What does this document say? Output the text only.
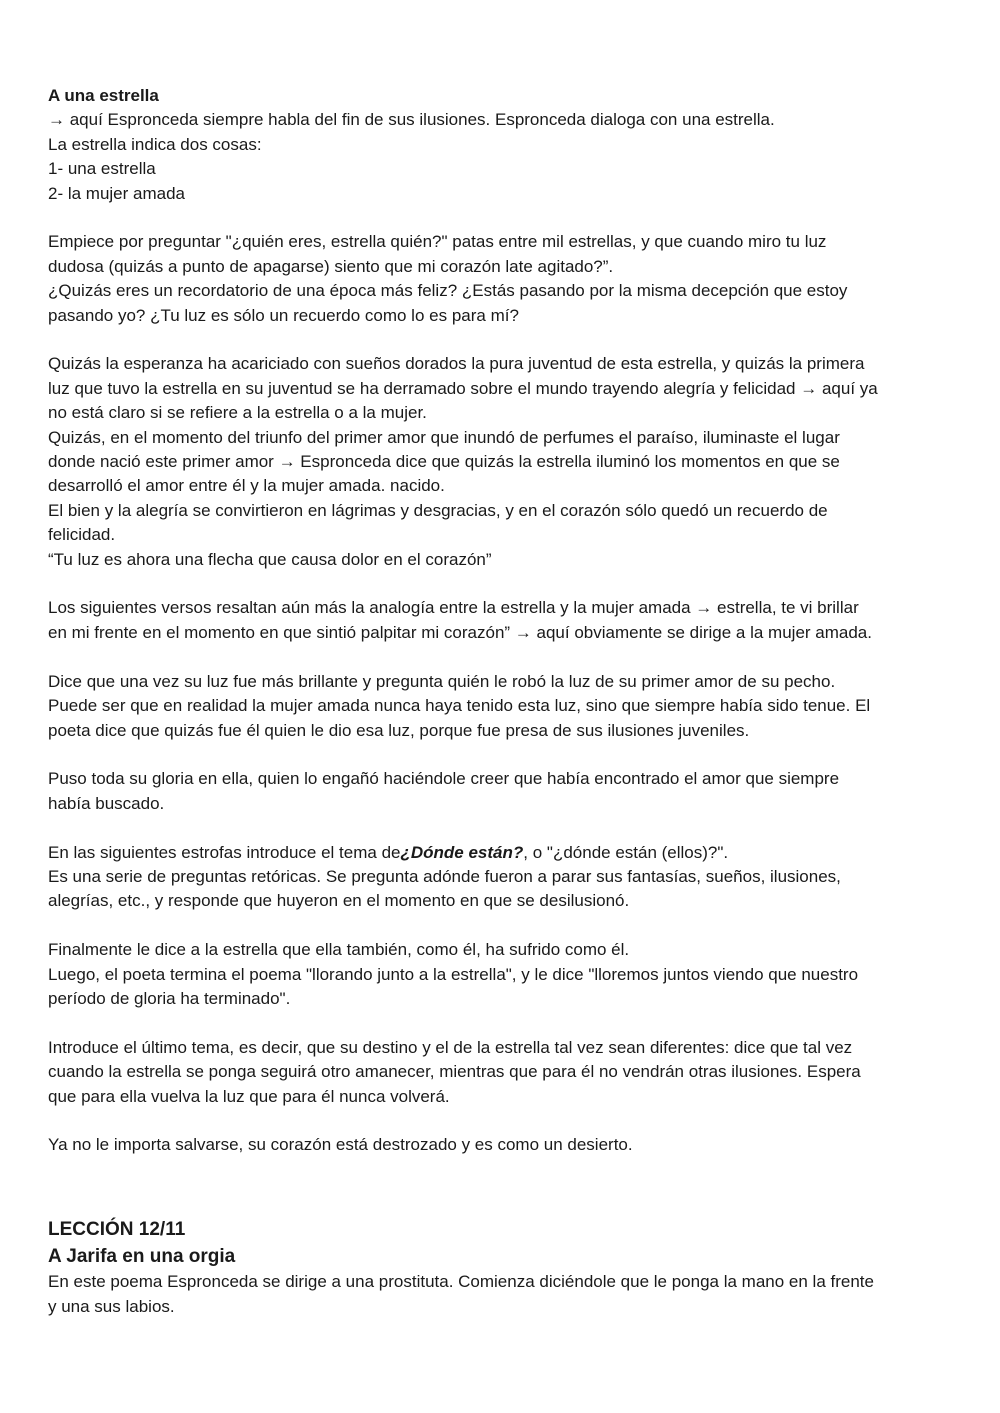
A una estrella
→ aquí Espronceda siempre habla del fin de sus ilusiones. Espronceda dialoga con una estrella.
La estrella indica dos cosas:
1- una estrella
2- la mujer amada
Empiece por preguntar "¿quién eres, estrella quién?" patas entre mil estrellas, y que cuando miro tu luz
dudosa (quizás a punto de apagarse) siento que mi corazón late agitado?”.
¿Quizás eres un recordatorio de una época más feliz? ¿Estás pasando por la misma decepción que estoy
pasando yo? ¿Tu luz es sólo un recuerdo como lo es para mí?
Quizás la esperanza ha acariciado con sueños dorados la pura juventud de esta estrella, y quizás la primera
luz que tuvo la estrella en su juventud se ha derramado sobre el mundo trayendo alegría y felicidad → aquí ya
no está claro si se refiere a la estrella o a la mujer.
Quizás, en el momento del triunfo del primer amor que inundó de perfumes el paraíso, iluminaste el lugar
donde nació este primer amor → Espronceda dice que quizás la estrella iluminó los momentos en que se
desarrolló el amor entre él y la mujer amada. nacido.
El bien y la alegría se convirtieron en lágrimas y desgracias, y en el corazón sólo quedó un recuerdo de
felicidad.
“Tu luz es ahora una flecha que causa dolor en el corazón”
Los siguientes versos resaltan aún más la analogía entre la estrella y la mujer amada → estrella, te vi brillar
en mi frente en el momento en que sintió palpitar mi corazón” → aquí obviamente se dirige a la mujer amada.
Dice que una vez su luz fue más brillante y pregunta quién le robó la luz de su primer amor de su pecho.
Puede ser que en realidad la mujer amada nunca haya tenido esta luz, sino que siempre había sido tenue. El
poeta dice que quizás fue él quien le dio esa luz, porque fue presa de sus ilusiones juveniles.
Puso toda su gloria en ella, quien lo engañó haciéndole creer que había encontrado el amor que siempre
había buscado.
En las siguientes estrofas introduce el tema de¿Dónde están?, o "¿dónde están (ellos)?".
Es una serie de preguntas retóricas. Se pregunta adónde fueron a parar sus fantasías, sueños, ilusiones,
alegrías, etc., y responde que huyeron en el momento en que se desilusionó.
Finalmente le dice a la estrella que ella también, como él, ha sufrido como él.
Luego, el poeta termina el poema "llorando junto a la estrella", y le dice "lloremos juntos viendo que nuestro
período de gloria ha terminado".
Introduce el último tema, es decir, que su destino y el de la estrella tal vez sean diferentes: dice que tal vez
cuando la estrella se ponga seguirá otro amanecer, mientras que para él no vendrán otras ilusiones. Espera
que para ella vuelva la luz que para él nunca volverá.
Ya no le importa salvarse, su corazón está destrozado y es como un desierto.
LECCIÓN 12/11
A Jarifa en una orgia
En este poema Espronceda se dirige a una prostituta. Comienza diciéndole que le ponga la mano en la frente
y una sus labios.
